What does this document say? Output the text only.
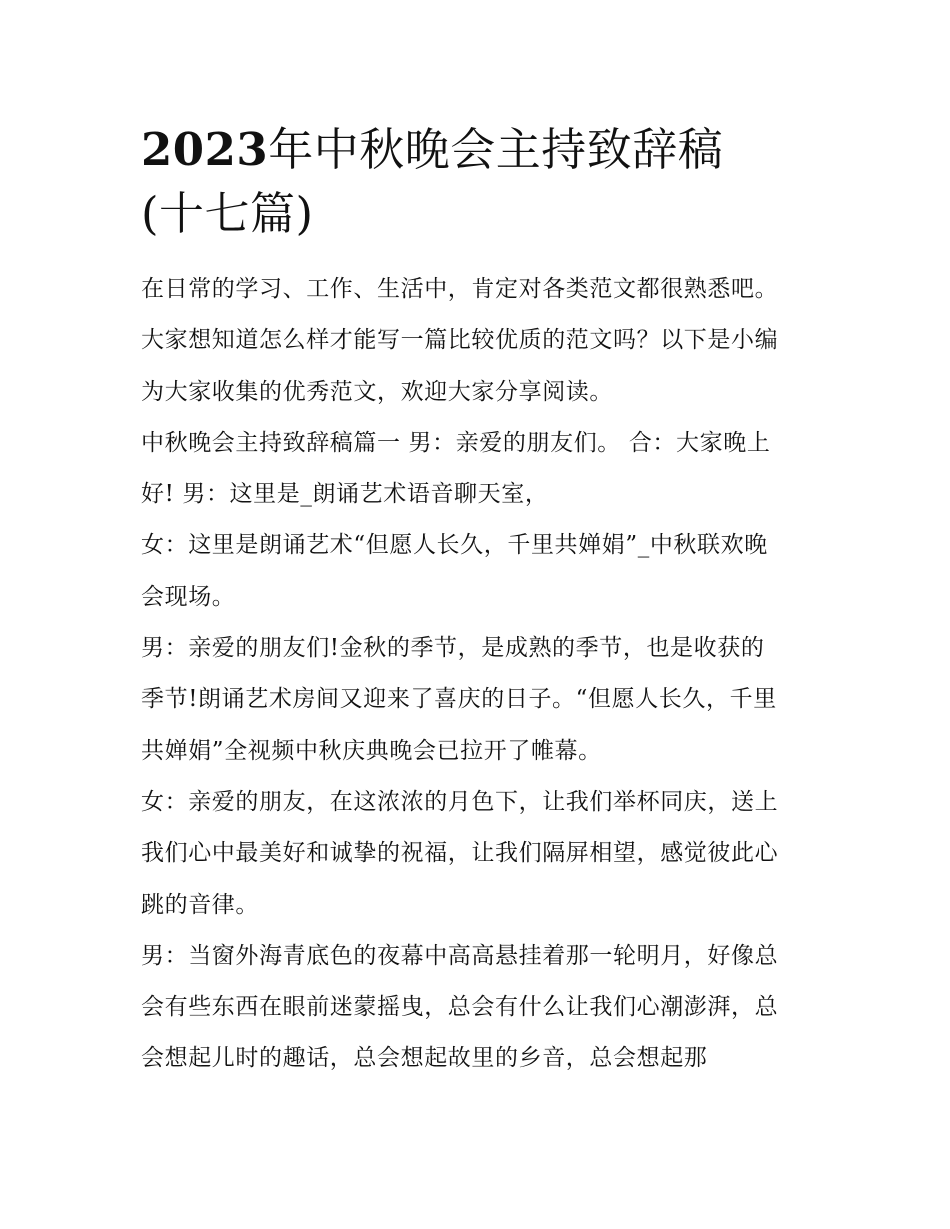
2023年中秋晚会主持致辞稿
(十七篇)

在日常的学习、工作、生活中，肯定对各类范文都很熟悉吧。
大家想知道怎么样才能写一篇比较优质的范文吗？以下是小编
为大家收集的优秀范文，欢迎大家分享阅读。

中秋晚会主持致辞稿篇一 男：亲爱的朋友们。 合：大家晚上
好! 男：这里是_朗诵艺术语音聊天室，

女：这里是朗诵艺术“但愿人长久，千里共婵娟”_中秋联欢晚
会现场。

男：亲爱的朋友们!金秋的季节，是成熟的季节，也是收获的
季节!朗诵艺术房间又迎来了喜庆的日子。“但愿人长久，千里
共婵娟”全视频中秋庆典晚会已拉开了帷幕。

女：亲爱的朋友，在这浓浓的月色下，让我们举杯同庆，送上
我们心中最美好和诚挚的祝福，让我们隔屏相望，感觉彼此心
跳的音律。

男：当窗外海青底色的夜幕中高高悬挂着那一轮明月，好像总
会有些东西在眼前迷蒙摇曳，总会有什么让我们心潮澎湃，总
会想起儿时的趣话，总会想起故里的乡音，总会想起那
